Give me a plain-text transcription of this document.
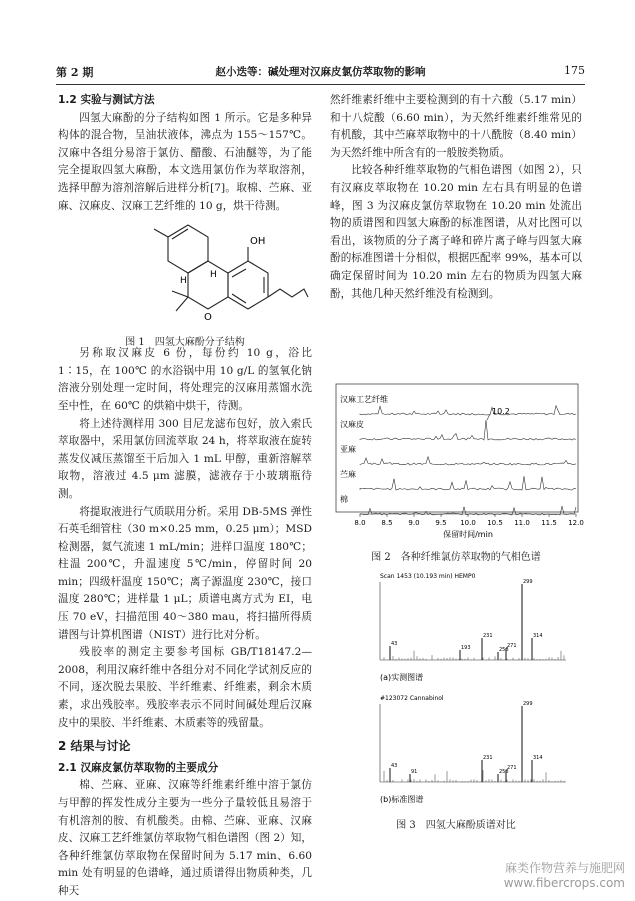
第 2 期	赵小迭等：碱处理对汉麻皮氯仿萃取物的影响	175

1.2 实验与测试方法

四氢大麻酚的分子结构如图 1 所示。它是多种异构体的混合物，呈油状液体，沸点为 155～157℃。汉麻中各组分易溶于氯仿、醋酸、石油醚等，为了能完全提取四氢大麻酚，本文选用氯仿作为萃取溶剂，选择甲醇为溶剂溶解后进样分析[7]。取棉、苎麻、亚麻、汉麻皮、汉麻工艺纤维的 10 g，烘干待测。

OH
H
H
O

图 1　四氢大麻酚分子结构

另称取汉麻皮 6 份，每份约 10 g，浴比 1∶15，在 100℃ 的水浴锅中用 10 g/L 的氢氧化钠溶液分别处理一定时间，将处理完的汉麻用蒸馏水洗至中性，在 60℃ 的烘箱中烘干，待测。

将上述待测样用 300 目尼龙滤布包好，放入索氏萃取器中，采用氯仿回流萃取 24 h，将萃取液在旋转蒸发仪减压蒸馏至干后加入 1 mL 甲醇，重新溶解萃取物，溶液过 4.5 μm 滤膜，滤液存于小玻璃瓶待测。

将提取液进行气质联用分析。采用 DB-5MS 弹性石英毛细管柱（30 m×0.25 mm，0.25 μm）；MSD 检测器，氦气流速 1 mL/min；进样口温度 180℃；柱温 200℃，升温速度 5℃/min，停留时间 20 min；四级杆温度 150℃；离子源温度 230℃，接口温度 280℃；进样量 1 μL；质谱电离方式为 EI，电压 70 eV，扫描范围 40～380 mau，将扫描所得质谱图与计算机图谱（NIST）进行比对分析。

残胶率的测定主要参考国标 GB/T18147.2—2008，利用汉麻纤维中各组分对不同化学试剂反应的不同，逐次脱去果胶、半纤维素、纤维素，剩余木质素，求出残胶率。残胶率表示不同时间碱处理后汉麻皮中的果胶、半纤维素、木质素等的残留量。

2 结果与讨论

2.1 汉麻皮氯仿萃取物的主要成分

棉、苎麻、亚麻、汉麻等纤维素纤维中溶于氯仿与甲醇的挥发性成分主要为一些分子量较低且易溶于有机溶剂的胺、有机酸类。由棉、苎麻、亚麻、汉麻皮、汉麻工艺纤维氯仿萃取物气相色谱图（图 2）知，各种纤维氯仿萃取物在保留时间为 5.17 min、6.60 min 处有明显的色谱峰，通过质谱得出物质种类，几种天

然纤维素纤维中主要检测到的有十六酸（5.17 min）和十八烷酸（6.60 min），为天然纤维素纤维常见的有机酸，其中苎麻萃取物中的十八酰胺（8.40 min）为天然纤维中所含有的一般胺类物质。

比较各种纤维萃取物的气相色谱图（如图 2），只有汉麻皮萃取物在 10.20 min 左右具有明显的色谱峰，图 3 为汉麻皮氯仿萃取物在 10.20 min 处流出物的质谱图和四氢大麻酚的标准图谱，从对比图可以看出，该物质的分子离子峰和碎片离子峰与四氢大麻酚的标准图谱十分相似，根据匹配率 99%，基本可以确定保留时间为 10.20 min 左右的物质为四氢大麻酚，其他几种天然纤维没有检测到。

汉麻工艺纤维
汉麻皮
10.2
亚麻
苎麻
棉
8.0 8.5 9.0 9.5 10.0 10.5 11.0 11.5 12.0
保留时间/min

图 2　各种纤维氯仿萃取物的气相色谱

Scan 1453 (10.193 min) HEMP0
299
314
231
43
193	258
271
(a)实测图谱

#123072 Cannabinol
299
231
43
91	258
271
314
(b)标准图谱

图 3　四氢大麻酚质谱对比

麻类作物营养与施肥网
www.fibercrops.com
